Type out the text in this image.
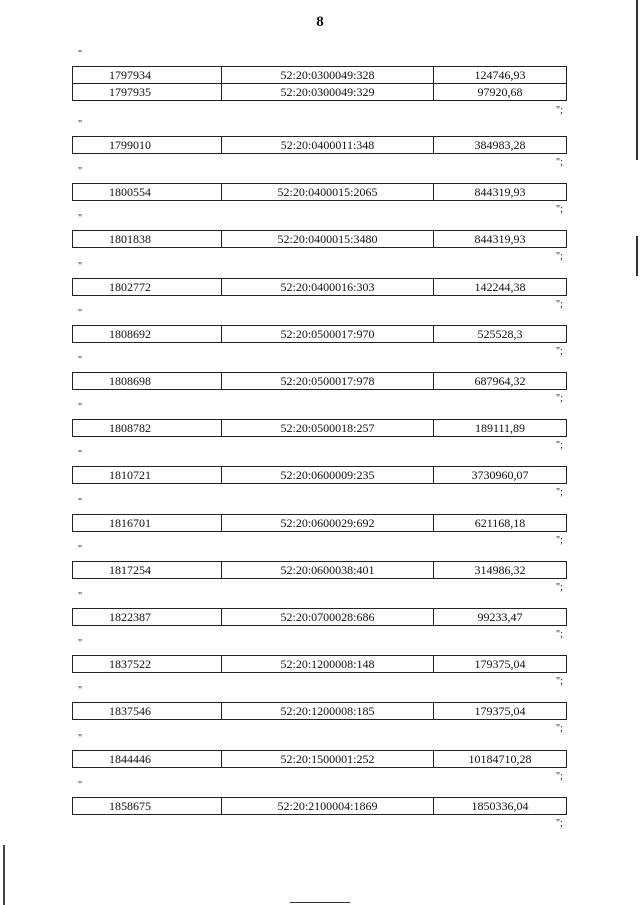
8
"
1797934	52:20:0300049:328	124746,93
1797935	52:20:0300049:329	97920,68
";
"
1799010	52:20:0400011:348	384983,28
";
"
1800554	52:20:0400015:2065	844319,93
";
"
1801838	52:20:0400015:3480	844319,93
";
"
1802772	52:20:0400016:303	142244,38
";
"
1808692	52:20:0500017:970	525528,3
";
"
1808698	52:20:0500017:978	687964,32
";
"
1808782	52:20:0500018:257	189111,89
";
"
1810721	52:20:0600009:235	3730960,07
";
"
1816701	52:20:0600029:692	621168,18
";
"
1817254	52:20:0600038:401	314986,32
";
"
1822387	52:20:0700028:686	99233,47
";
"
1837522	52:20:1200008:148	179375,04
";
"
1837546	52:20:1200008:185	179375,04
";
"
1844446	52:20:1500001:252	10184710,28
";
"
1858675	52:20:2100004:1869	1850336,04
";
